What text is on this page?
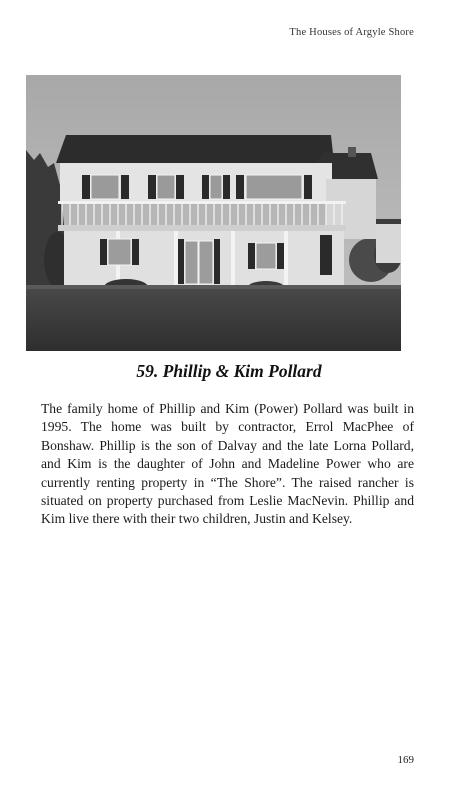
The Houses of Argyle Shore
59. Phillip & Kim Pollard

The family home of Phillip and Kim (Power) Pollard was built in 1995. The home was built by contractor, Errol MacPhee of Bonshaw. Phillip is the son of Dalvay and the late Lorna Pollard, and Kim is the daughter of John and Madeline Power who are currently renting property in “The Shore”. The raised rancher is situated on property purchased from Leslie MacNevin. Phillip and Kim live there with their two children, Justin and Kelsey.

169
